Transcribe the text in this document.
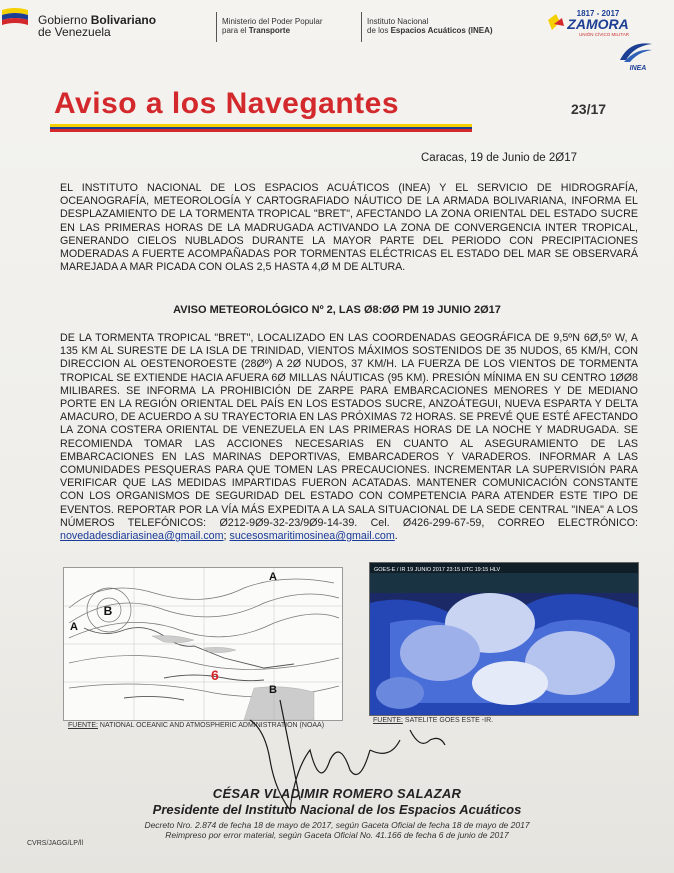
Gobierno Bolivariano
de Venezuela
Ministerio del Poder Popular
para el Transporte
Instituto Nacional
de los Espacios Acuáticos (INEA)
1817 - 2017
ZAMORA
UNIÓN CÍVICO MILITAR
INEA
Aviso a los Navegantes	23/17
Caracas, 19 de Junio de 2Ø17
EL INSTITUTO NACIONAL DE LOS ESPACIOS ACUÁTICOS (INEA) Y EL SERVICIO DE HIDROGRAFÍA, OCEANOGRAFÍA, METEOROLOGÍA Y CARTOGRAFIADO NÁUTICO DE LA ARMADA BOLIVARIANA, INFORMA EL DESPLAZAMIENTO DE LA TORMENTA TROPICAL "BRET", AFECTANDO LA ZONA ORIENTAL DEL ESTADO SUCRE EN LAS PRIMERAS HORAS DE LA MADRUGADA ACTIVANDO LA ZONA DE CONVERGENCIA INTER TROPICAL, GENERANDO CIELOS NUBLADOS DURANTE LA MAYOR PARTE DEL PERIODO CON PRECIPITACIONES MODERADAS A FUERTE ACOMPAÑADAS POR TORMENTAS ELÉCTRICAS EL ESTADO DEL MAR SE OBSERVARÁ MAREJADA A MAR PICADA CON OLAS 2,5 HASTA 4,Ø M DE ALTURA.
AVISO METEOROLÓGICO Nº 2, LAS Ø8:ØØ PM 19 JUNIO 2Ø17
DE LA TORMENTA TROPICAL "BRET", LOCALIZADO EN LAS COORDENADAS GEOGRÁFICA DE 9,5ºN 6Ø,5º W, A 135 KM AL SURESTE DE LA ISLA DE TRINIDAD, VIENTOS MÁXIMOS SOSTENIDOS DE 35 NUDOS, 65 KM/H, CON DIRECCION AL OESTENOROESTE (28Øº) A 2Ø NUDOS, 37 KM/H. LA FUERZA DE LOS VIENTOS DE TORMENTA TROPICAL SE EXTIENDE HACIA AFUERA 6Ø MILLAS NÁUTICAS (95 KM). PRESIÓN MÍNIMA EN SU CENTRO 1ØØ8 MILIBARES. SE INFORMA LA PROHIBICIÓN DE ZARPE PARA EMBARCACIONES MENORES Y DE MEDIANO PORTE EN LA REGIÓN ORIENTAL DEL PAÍS EN LOS ESTADOS SUCRE, ANZOÁTEGUI, NUEVA ESPARTA Y DELTA AMACURO, DE ACUERDO A SU TRAYECTORIA EN LAS PRÓXIMAS 72 HORAS. SE PREVÉ QUE ESTÉ AFECTANDO LA ZONA COSTERA ORIENTAL DE VENEZUELA EN LAS PRIMERAS HORAS DE LA NOCHE Y MADRUGADA. SE RECOMIENDA TOMAR LAS ACCIONES NECESARIAS EN CUANTO AL ASEGURAMIENTO DE LAS EMBARCACIONES EN LAS MARINAS DEPORTIVAS, EMBARCADEROS Y VARADEROS. INFORMAR A LAS COMUNIDADES PESQUERAS PARA QUE TOMEN LAS PRECAUCIONES. INCREMENTAR LA SUPERVISIÓN PARA VERIFICAR QUE LAS MEDIDAS IMPARTIDAS FUERON ACATADAS. MANTENER COMUNICACIÓN CONSTANTE CON LOS ORGANISMOS DE SEGURIDAD DEL ESTADO CON COMPETENCIA PARA ATENDER ESTE TIPO DE EVENTOS. REPORTAR POR LA VÍA MÁS EXPEDITA A LA SALA SITUACIONAL DE LA SEDE CENTRAL "INEA" A LOS NÚMEROS TELEFÓNICOS: Ø212-9Ø9-32-23/9Ø9-14-39. Cel. Ø426-299-67-59, CORREO ELECTRÓNICO: novedadesdiariasinea@gmail.com; sucesosmaritimosinea@gmail.com.
B
A
A
B
6
FUENTE: NATIONAL OCEANIC AND ATMOSPHERIC ADMINISTRATION (NOAA)
GOES-E / IR 19 JUNIO 2017 23:15 UTC 19:15 HLV
FUENTE: SATELITE GOES ESTE -IR.
CÉSAR VLADIMIR ROMERO SALAZAR
Presidente del Instituto Nacional de los Espacios Acuáticos
Decreto Nro. 2.874 de fecha 18 de mayo de 2017, según Gaceta Oficial de fecha 18 de mayo de 2017
Reimpreso por error material, según Gaceta Oficial No. 41.166 de fecha 6 de junio de 2017
CVRS/JAGG/LP/ll
